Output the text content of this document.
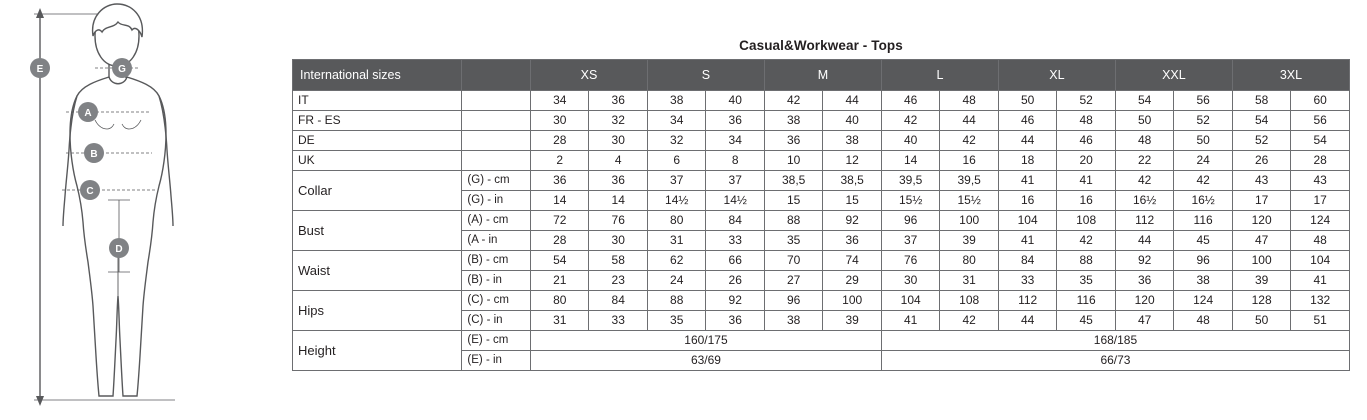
E	G
A
B
C
D
Casual&Workwear - Tops
International sizes		XS		S		M		L		XL		XXL		3XL	
IT		34	36	38	40	42	44	46	48	50	52	54	56	58	60
FR - ES		30	32	34	36	38	40	42	44	46	48	50	52	54	56
DE		28	30	32	34	36	38	40	42	44	46	48	50	52	54
UK		2	4	6	8	10	12	14	16	18	20	22	24	26	28
Collar	(G) - cm	36	36	37	37	38,5	38,5	39,5	39,5	41	41	42	42	43	43
	(G) - in	14	14	14½	14½	15	15	15½	15½	16	16	16½	16½	17	17
Bust	(A) - cm	72	76	80	84	88	92	96	100	104	108	112	116	120	124
	(A - in	28	30	31	33	35	36	37	39	41	42	44	45	47	48
Waist	(B) - cm	54	58	62	66	70	74	76	80	84	88	92	96	100	104
	(B) - in	21	23	24	26	27	29	30	31	33	35	36	38	39	41
Hips	(C) - cm	80	84	88	92	96	100	104	108	112	116	120	124	128	132
	(C) - in	31	33	35	36	38	39	41	42	44	45	47	48	50	51
Height	(E) - cm	160/175						168/185							
	(E) - in	63/69						66/73							
